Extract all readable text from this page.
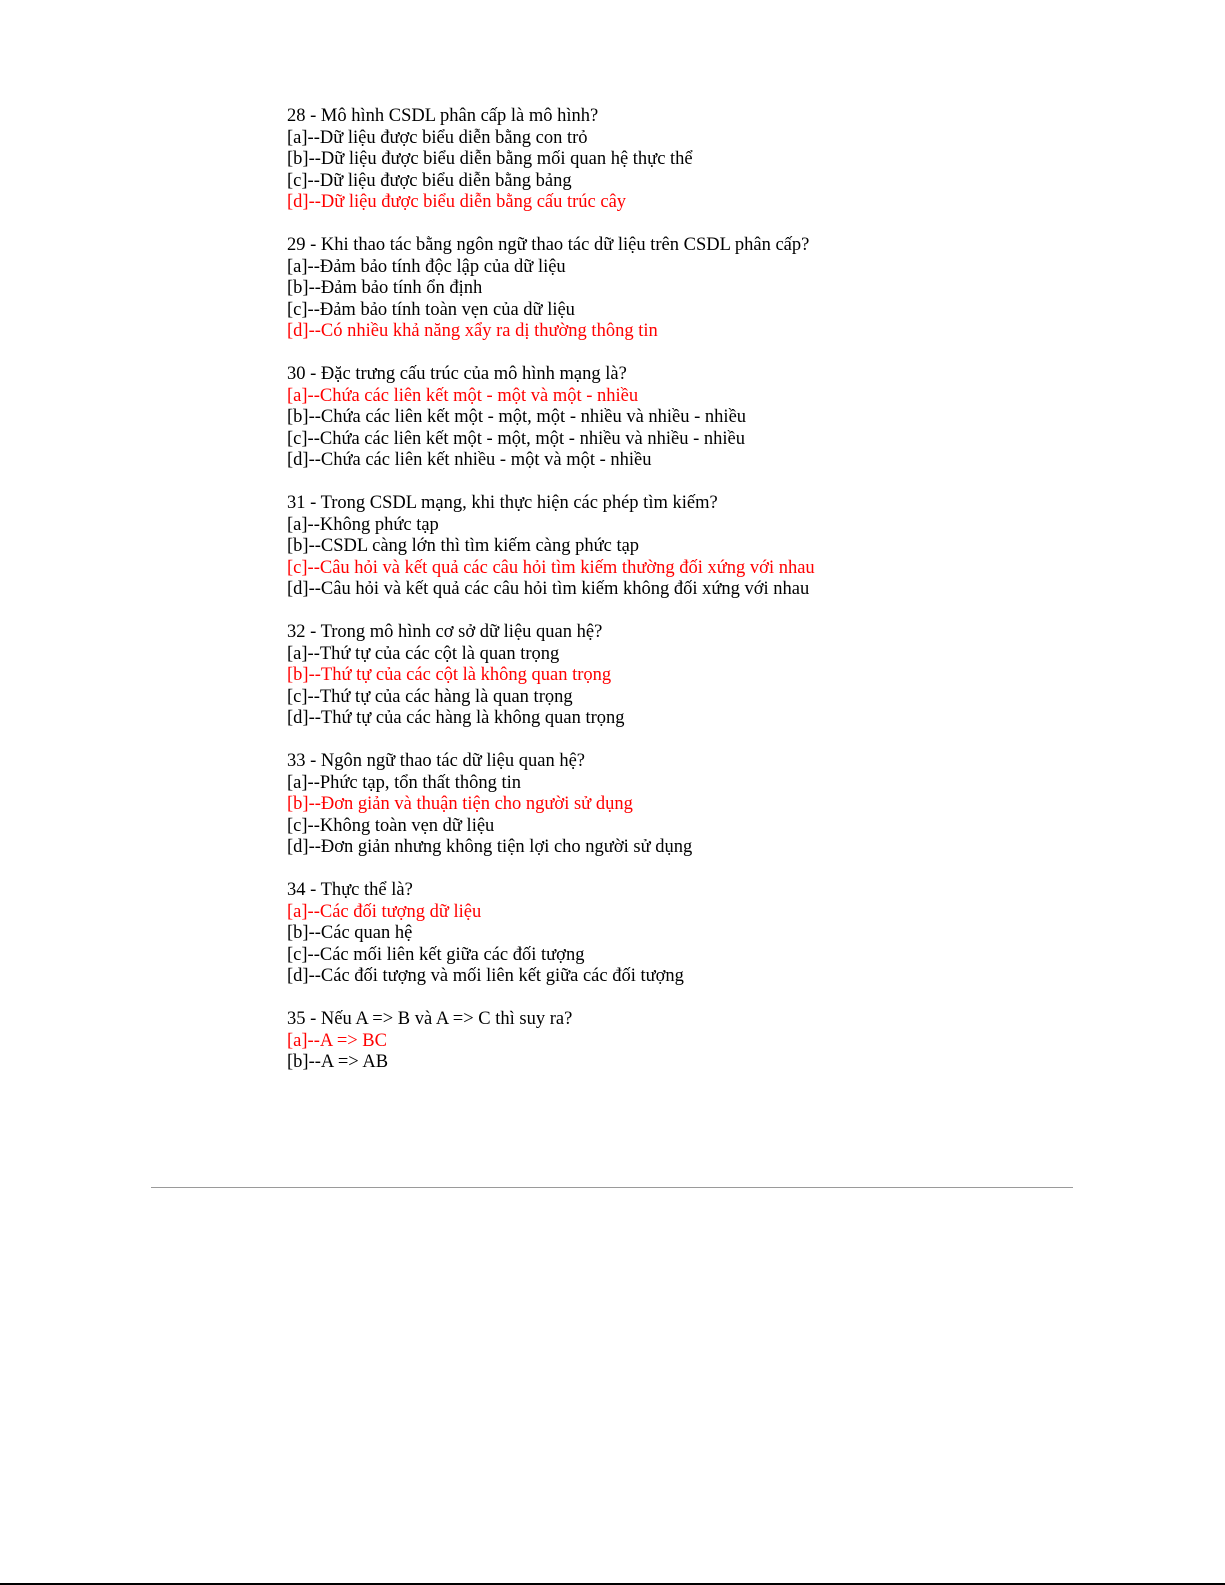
28 - Mô hình CSDL phân cấp là mô hình?
[a]--Dữ liệu được biểu diễn bằng con trỏ
[b]--Dữ liệu được biểu diễn bằng mối quan hệ thực thể
[c]--Dữ liệu được biểu diễn bằng bảng
[d]--Dữ liệu được biểu diễn bằng cấu trúc cây
29 - Khi thao tác bằng ngôn ngữ thao tác dữ liệu trên CSDL phân cấp?
[a]--Đảm bảo tính độc lập của dữ liệu
[b]--Đảm bảo tính ổn định
[c]--Đảm bảo tính toàn vẹn của dữ liệu
[d]--Có nhiều khả năng xẩy ra dị thường thông tin
30 - Đặc trưng cấu trúc của mô hình mạng là?
[a]--Chứa các liên kết một - một và một - nhiều
[b]--Chứa các liên kết một - một, một - nhiều và nhiều - nhiều
[c]--Chứa các liên kết một - một, một - nhiều và nhiều - nhiều
[d]--Chứa các liên kết nhiều - một và một - nhiều
31 - Trong CSDL mạng, khi thực hiện các phép tìm kiếm?
[a]--Không phức tạp
[b]--CSDL càng lớn thì tìm kiếm càng phức tạp
[c]--Câu hỏi và kết quả các câu hỏi tìm kiếm thường đối xứng với nhau
[d]--Câu hỏi và kết quả các câu hỏi tìm kiếm không đối xứng với nhau
32 - Trong mô hình cơ sở dữ liệu quan hệ?
[a]--Thứ tự của các cột là quan trọng
[b]--Thứ tự của các cột là không quan trọng
[c]--Thứ tự của các hàng là quan trọng
[d]--Thứ tự của các hàng là không quan trọng
33 - Ngôn ngữ thao tác dữ liệu quan hệ?
[a]--Phức tạp, tổn thất thông tin
[b]--Đơn giản và thuận tiện cho người sử dụng
[c]--Không toàn vẹn dữ liệu
[d]--Đơn giản nhưng không tiện lợi cho người sử dụng
34 - Thực thể là?
[a]--Các đối tượng dữ liệu
[b]--Các quan hệ
[c]--Các mối liên kết giữa các đối tượng
[d]--Các đối tượng và mối liên kết giữa các đối tượng
35 - Nếu A => B và A => C thì suy ra?
[a]--A => BC
[b]--A => AB
